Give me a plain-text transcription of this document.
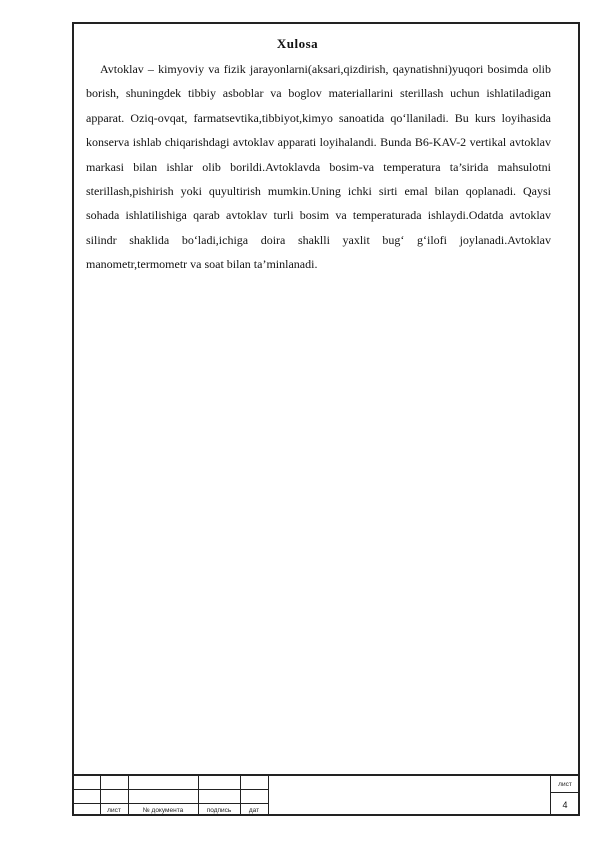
Xulosa

Avtoklav – kimyoviy va fizik jarayonlarni(aksari,qizdirish, qaynatishni)yuqori bosimda olib borish, shuningdek tibbiy asboblar va boglov materiallarini sterillash uchun ishlatiladigan apparat. Oziq-ovqat, farmatsevtika,tibbiyot,kimyo sanoatida qo‘llaniladi. Bu kurs loyihasida konserva ishlab chiqarishdagi avtoklav apparati loyihalandi. Bunda B6-KAV-2 vertikal avtoklav markasi bilan ishlar olib borildi.Avtoklavda bosim-va temperatura ta’sirida mahsulotni sterillash,pishirish yoki quyultirish mumkin.Uning ichki sirti emal bilan qoplanadi. Qaysi sohada ishlatilishiga qarab avtoklav turli bosim va temperaturada ishlaydi.Odatda avtoklav silindr shaklida bo‘ladi,ichiga doira shaklli yaxlit bug‘ g‘ilofi joylanadi.Avtoklav manometr,termometr va soat bilan ta’minlanadi.

лист	№ документа	подпись	дат
лист
4
